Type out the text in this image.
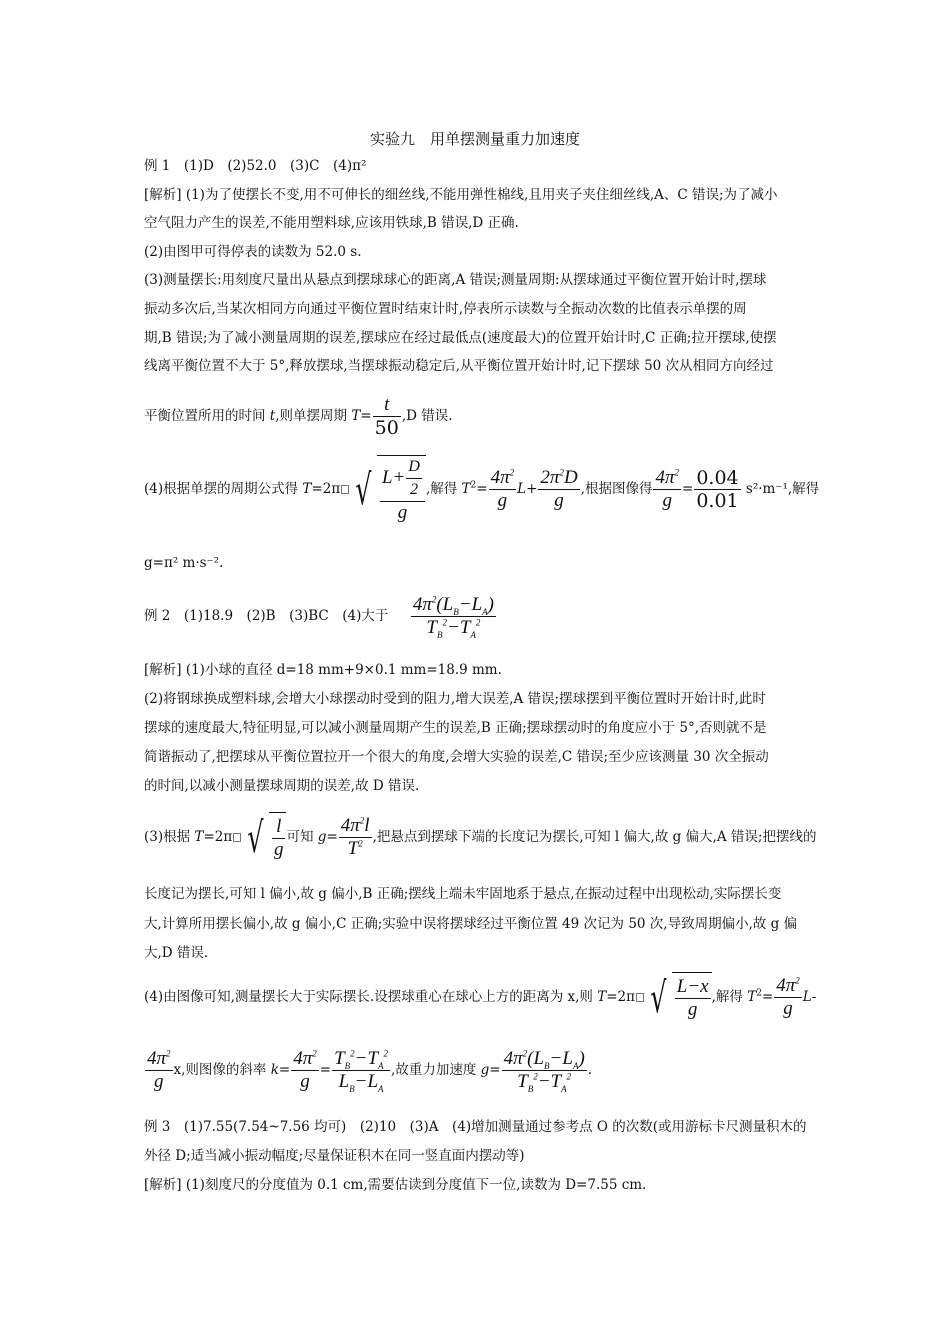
实验九　用单摆测量重力加速度
例 1　(1)D　(2)52.0　(3)C　(4)π²
[解析] (1)为了使摆长不变,用不可伸长的细丝线,不能用弹性棉线,且用夹子夹住细丝线,A、C 错误;为了减小
空气阻力产生的误差,不能用塑料球,应该用铁球,B 错误,D 正确.
(2)由图甲可得停表的读数为 52.0 s.
(3)测量摆长:用刻度尺量出从悬点到摆球球心的距离,A 错误;测量周期:从摆球通过平衡位置开始计时,摆球
振动多次后,当某次相同方向通过平衡位置时结束计时,停表所示读数与全振动次数的比值表示单摆的周
期,B 错误;为了减小测量周期的误差,摆球应在经过最低点(速度最大)的位置开始计时,C 正确;拉开摆球,使摆
线离平衡位置不大于 5°,释放摆球,当摆球振动稳定后,从平衡位置开始计时,记下摆球 50 次从相同方向经过
平衡位置所用的时间 t,则单摆周期 $T= \frac{t}{50} ,D$ 错误.
(4)根据单摆的周期公式得 T=2π √ $\frac{L+ \frac{D}{2}}{g}$ ,解得 $T^2= \frac{4\pi^2}{g} L+ \frac{2\pi^2D}{g}$ ,根据图像得 $\frac{4\pi^2}{g} = \frac{0.04}{0.01} s^2\cdot m^{-1}$,解得
g=π² m·s⁻².
例 2　(1)18.9　(2)B　(3)BC　(4)大于 $\frac{4\pi^2(L_B-L_A)}{T_B^2-T_A^2}$
[解析] (1)小球的直径 d=18 mm+9×0.1 mm=18.9 mm.
(2)将钢球换成塑料球,会增大小球摆动时受到的阻力,增大误差,A 错误;摆球摆到平衡位置时开始计时,此时
摆球的速度最大,特征明显,可以减小测量周期产生的误差,B 正确;摆球摆动时的角度应小于 5°,否则就不是
简谐振动了,把摆球从平衡位置拉开一个很大的角度,会增大实验的误差,C 错误;至少应该测量 30 次全振动
的时间,以减小测量摆球周期的误差,故 D 错误.
(3)根据 T=2π √ $\frac{l}{g}$ 可知 $g= \frac{4\pi^2l}{T^2}$ ,把悬点到摆球下端的长度记为摆长,可知 l 偏大,故 g 偏大,A 错误;把摆线的
长度记为摆长,可知 l 偏小,故 g 偏小,B 正确;摆线上端未牢固地系于悬点,在振动过程中出现松动,实际摆长变
大,计算所用摆长偏小,故 g 偏小,C 正确;实验中误将摆球经过平衡位置 49 次记为 50 次,导致周期偏小,故 g 偏
大,D 错误.
(4)由图像可知,测量摆长大于实际摆长.设摆球重心在球心上方的距离为 x,则 T=2π √ $\frac{L-x}{g}$ ,解得 $T^2= \frac{4\pi^2}{g} L-$
$\frac{4\pi^2}{g} x$,则图像的斜率 $k= \frac{4\pi^2}{g} = \frac{T_B^2-T_A^2}{L_B-L_A}$ ,故重力加速度 $g= \frac{4\pi^2(L_B-L_A)}{T_B^2-T_A^2}$ .
例 3　(1)7.55(7.54~7.56 均可)　(2)10　(3)A　(4)增加测量通过参考点 O 的次数(或用游标卡尺测量积木的
外径 D;适当减小振动幅度;尽量保证积木在同一竖直面内摆动等)
[解析] (1)刻度尺的分度值为 0.1 cm,需要估读到分度值下一位,读数为 D=7.55 cm.
